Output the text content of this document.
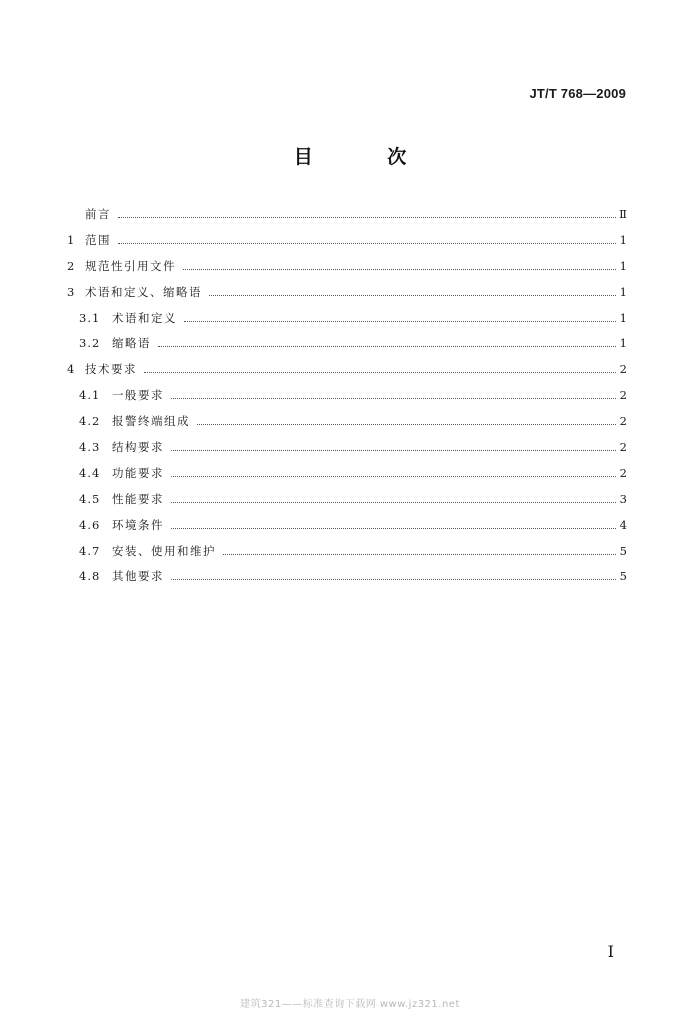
JT/T 768—2009
目 次
前言	Ⅱ
1 范围	1
2 规范性引用文件	1
3 术语和定义、缩略语	1
3.1	术语和定义	1
3.2	缩略语	1
4 技术要求	2
4.1	一般要求	2
4.2	报警终端组成	2
4.3	结构要求	2
4.4	功能要求	2
4.5	性能要求	3
4.6	环境条件	4
4.7	安装、使用和维护	5
4.8	其他要求	5
I
建筑321——标准查询下载网 www.jz321.net
